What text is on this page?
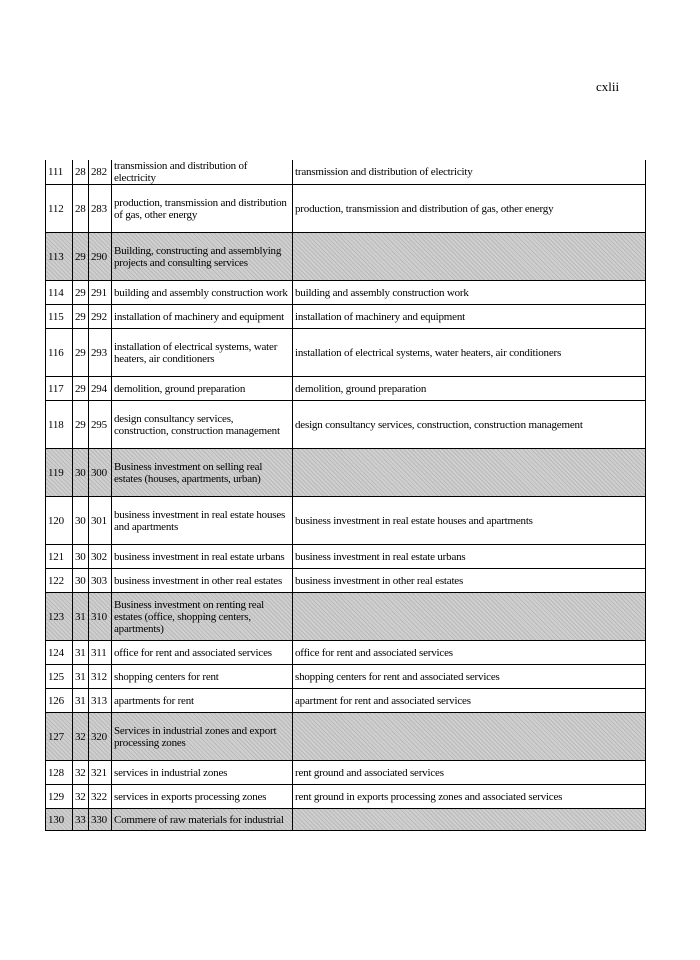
cxlii
111	28	282	transmission and distribution of electricity	transmission and distribution of electricity
112	28	283	production, transmission and distribution of gas, other energy	production, transmission and distribution of gas, other energy
113	29	290	Building, constructing and assemblying projects and consulting services	
114	29	291	building and assembly construction work	building and assembly construction work
115	29	292	installation of machinery and equipment	installation of machinery and equipment
116	29	293	installation of electrical systems, water heaters, air conditioners	installation of electrical systems, water heaters, air conditioners
117	29	294	demolition, ground preparation	demolition, ground preparation
118	29	295	design consultancy services, construction, construction management	design consultancy services, construction, construction management
119	30	300	Business investment on selling real estates (houses, apartments, urban)	
120	30	301	business investment in real estate houses and apartments	business investment in real estate houses and apartments
121	30	302	business investment in real estate urbans	business investment in real estate urbans
122	30	303	business investment in other real estates	business investment in other real estates
123	31	310	Business investment on renting real estates (office, shopping centers, apartments)	
124	31	311	office for rent and associated services	office for rent and associated services
125	31	312	shopping centers for rent	shopping centers for rent and associated services
126	31	313	apartments for rent	apartment for rent and associated services
127	32	320	Services in industrial zones and export processing zones	
128	32	321	services in industrial zones	rent ground and associated services
129	32	322	services in exports processing zones	rent ground in exports processing zones and associated services
130	33	330	Commere of raw materials for industrial	
